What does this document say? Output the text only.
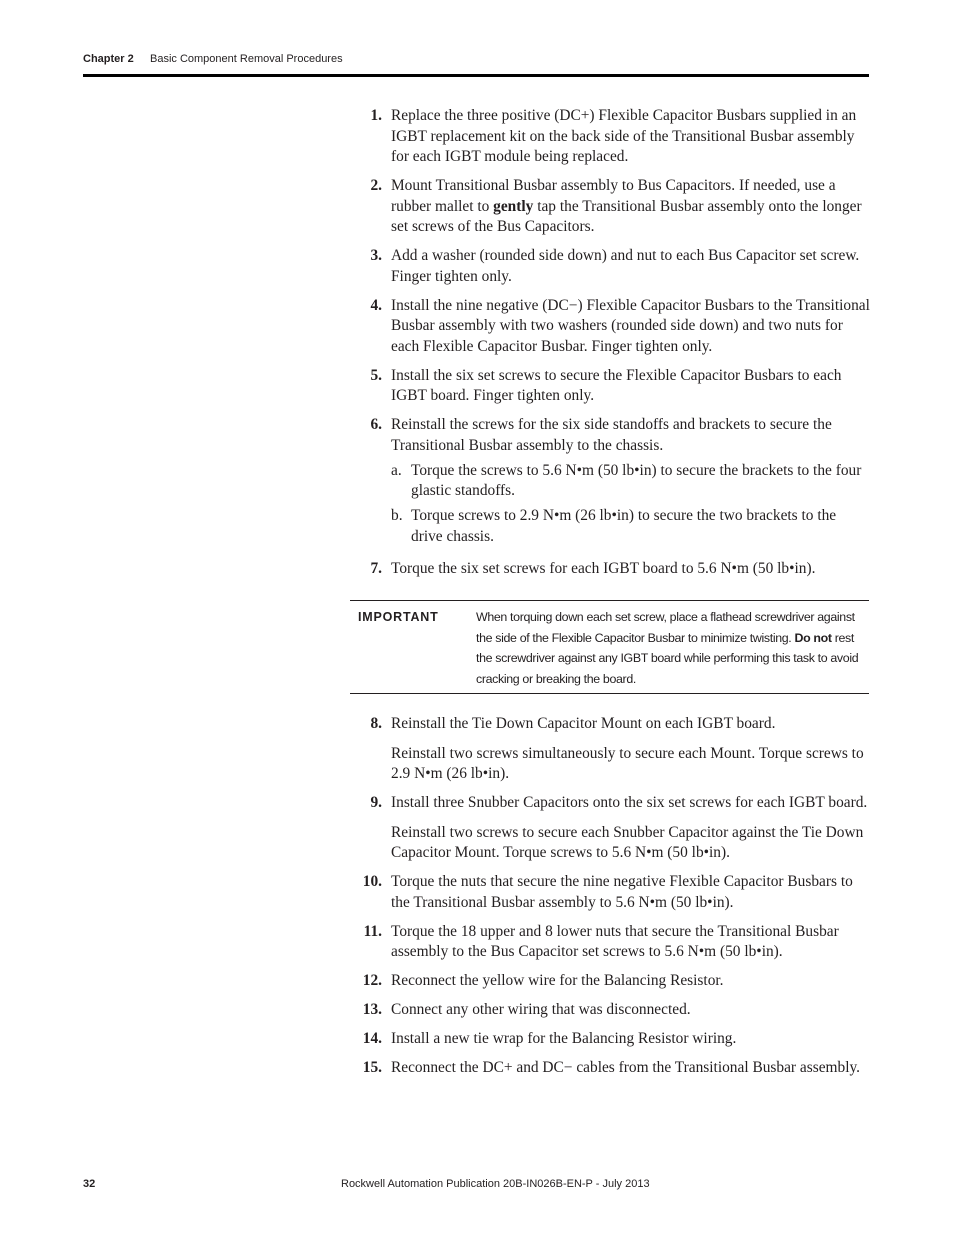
Chapter 2 Basic Component Removal Procedures
1. Replace the three positive (DC+) Flexible Capacitor Busbars supplied in an IGBT replacement kit on the back side of the Transitional Busbar assembly for each IGBT module being replaced.

2. Mount Transitional Busbar assembly to Bus Capacitors. If needed, use a rubber mallet to gently tap the Transitional Busbar assembly onto the longer set screws of the Bus Capacitors.

3. Add a washer (rounded side down) and nut to each Bus Capacitor set screw. Finger tighten only.

4. Install the nine negative (DC−) Flexible Capacitor Busbars to the Transitional Busbar assembly with two washers (rounded side down) and two nuts for each Flexible Capacitor Busbar. Finger tighten only.

5. Install the six set screws to secure the Flexible Capacitor Busbars to each IGBT board. Finger tighten only.

6. Reinstall the screws for the six side standoffs and brackets to secure the Transitional Busbar assembly to the chassis.

a. Torque the screws to 5.6 N•m (50 lb•in) to secure the brackets to the four glastic standoffs.
b. Torque screws to 2.9 N•m (26 lb•in) to secure the two brackets to the drive chassis.
7. Torque the six set screws for each IGBT board to 5.6 N•m (50 lb•in).

IMPORTANT	When torquing down each set screw, place a flathead screwdriver against the side of the Flexible Capacitor Busbar to minimize twisting. Do not rest the screwdriver against any IGBT board while performing this task to avoid cracking or breaking the board.
8. Reinstall the Tie Down Capacitor Mount on each IGBT board.

Reinstall two screws simultaneously to secure each Mount. Torque screws to 2.9 N•m (26 lb•in).

9. Install three Snubber Capacitors onto the six set screws for each IGBT board.

Reinstall two screws to secure each Snubber Capacitor against the Tie Down Capacitor Mount. Torque screws to 5.6 N•m (50 lb•in).

10. Torque the nuts that secure the nine negative Flexible Capacitor Busbars to the Transitional Busbar assembly to 5.6 N•m (50 lb•in).

11. Torque the 18 upper and 8 lower nuts that secure the Transitional Busbar assembly to the Bus Capacitor set screws to 5.6 N•m (50 lb•in).

12. Reconnect the yellow wire for the Balancing Resistor.

13. Connect any other wiring that was disconnected.

14. Install a new tie wrap for the Balancing Resistor wiring.

15. Reconnect the DC+ and DC− cables from the Transitional Busbar assembly.

32	Rockwell Automation Publication 20B-IN026B-EN-P - July 2013
